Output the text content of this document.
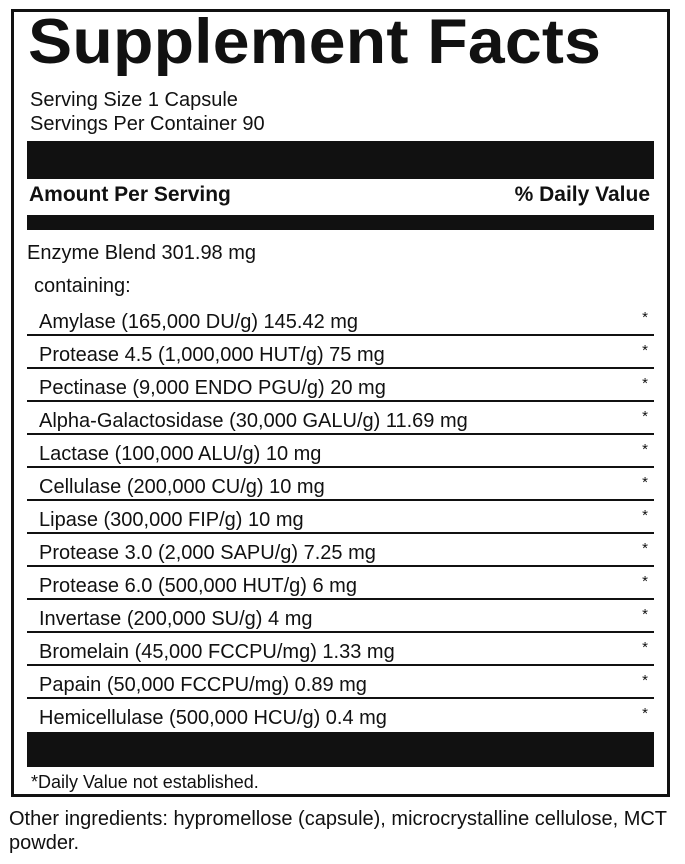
Supplement Facts
Serving Size 1 Capsule
Servings Per Container 90
Amount Per Serving	% Daily Value
Enzyme Blend 301.98 mg
containing:
Amylase (165,000 DU/g) 145.42 mg	*
Protease 4.5 (1,000,000 HUT/g) 75 mg	*
Pectinase (9,000 ENDO PGU/g) 20 mg	*
Alpha-Galactosidase (30,000 GALU/g) 11.69 mg	*
Lactase (100,000 ALU/g) 10 mg	*
Cellulase (200,000 CU/g) 10 mg	*
Lipase (300,000 FIP/g) 10 mg	*
Protease 3.0 (2,000 SAPU/g) 7.25 mg	*
Protease 6.0 (500,000 HUT/g) 6 mg	*
Invertase (200,000 SU/g) 4 mg	*
Bromelain (45,000 FCCPU/mg) 1.33 mg	*
Papain (50,000 FCCPU/mg) 0.89 mg	*
Hemicellulase (500,000 HCU/g) 0.4 mg	*
*Daily Value not established.
Other ingredients: hypromellose (capsule), microcrystalline cellulose, MCT powder.
